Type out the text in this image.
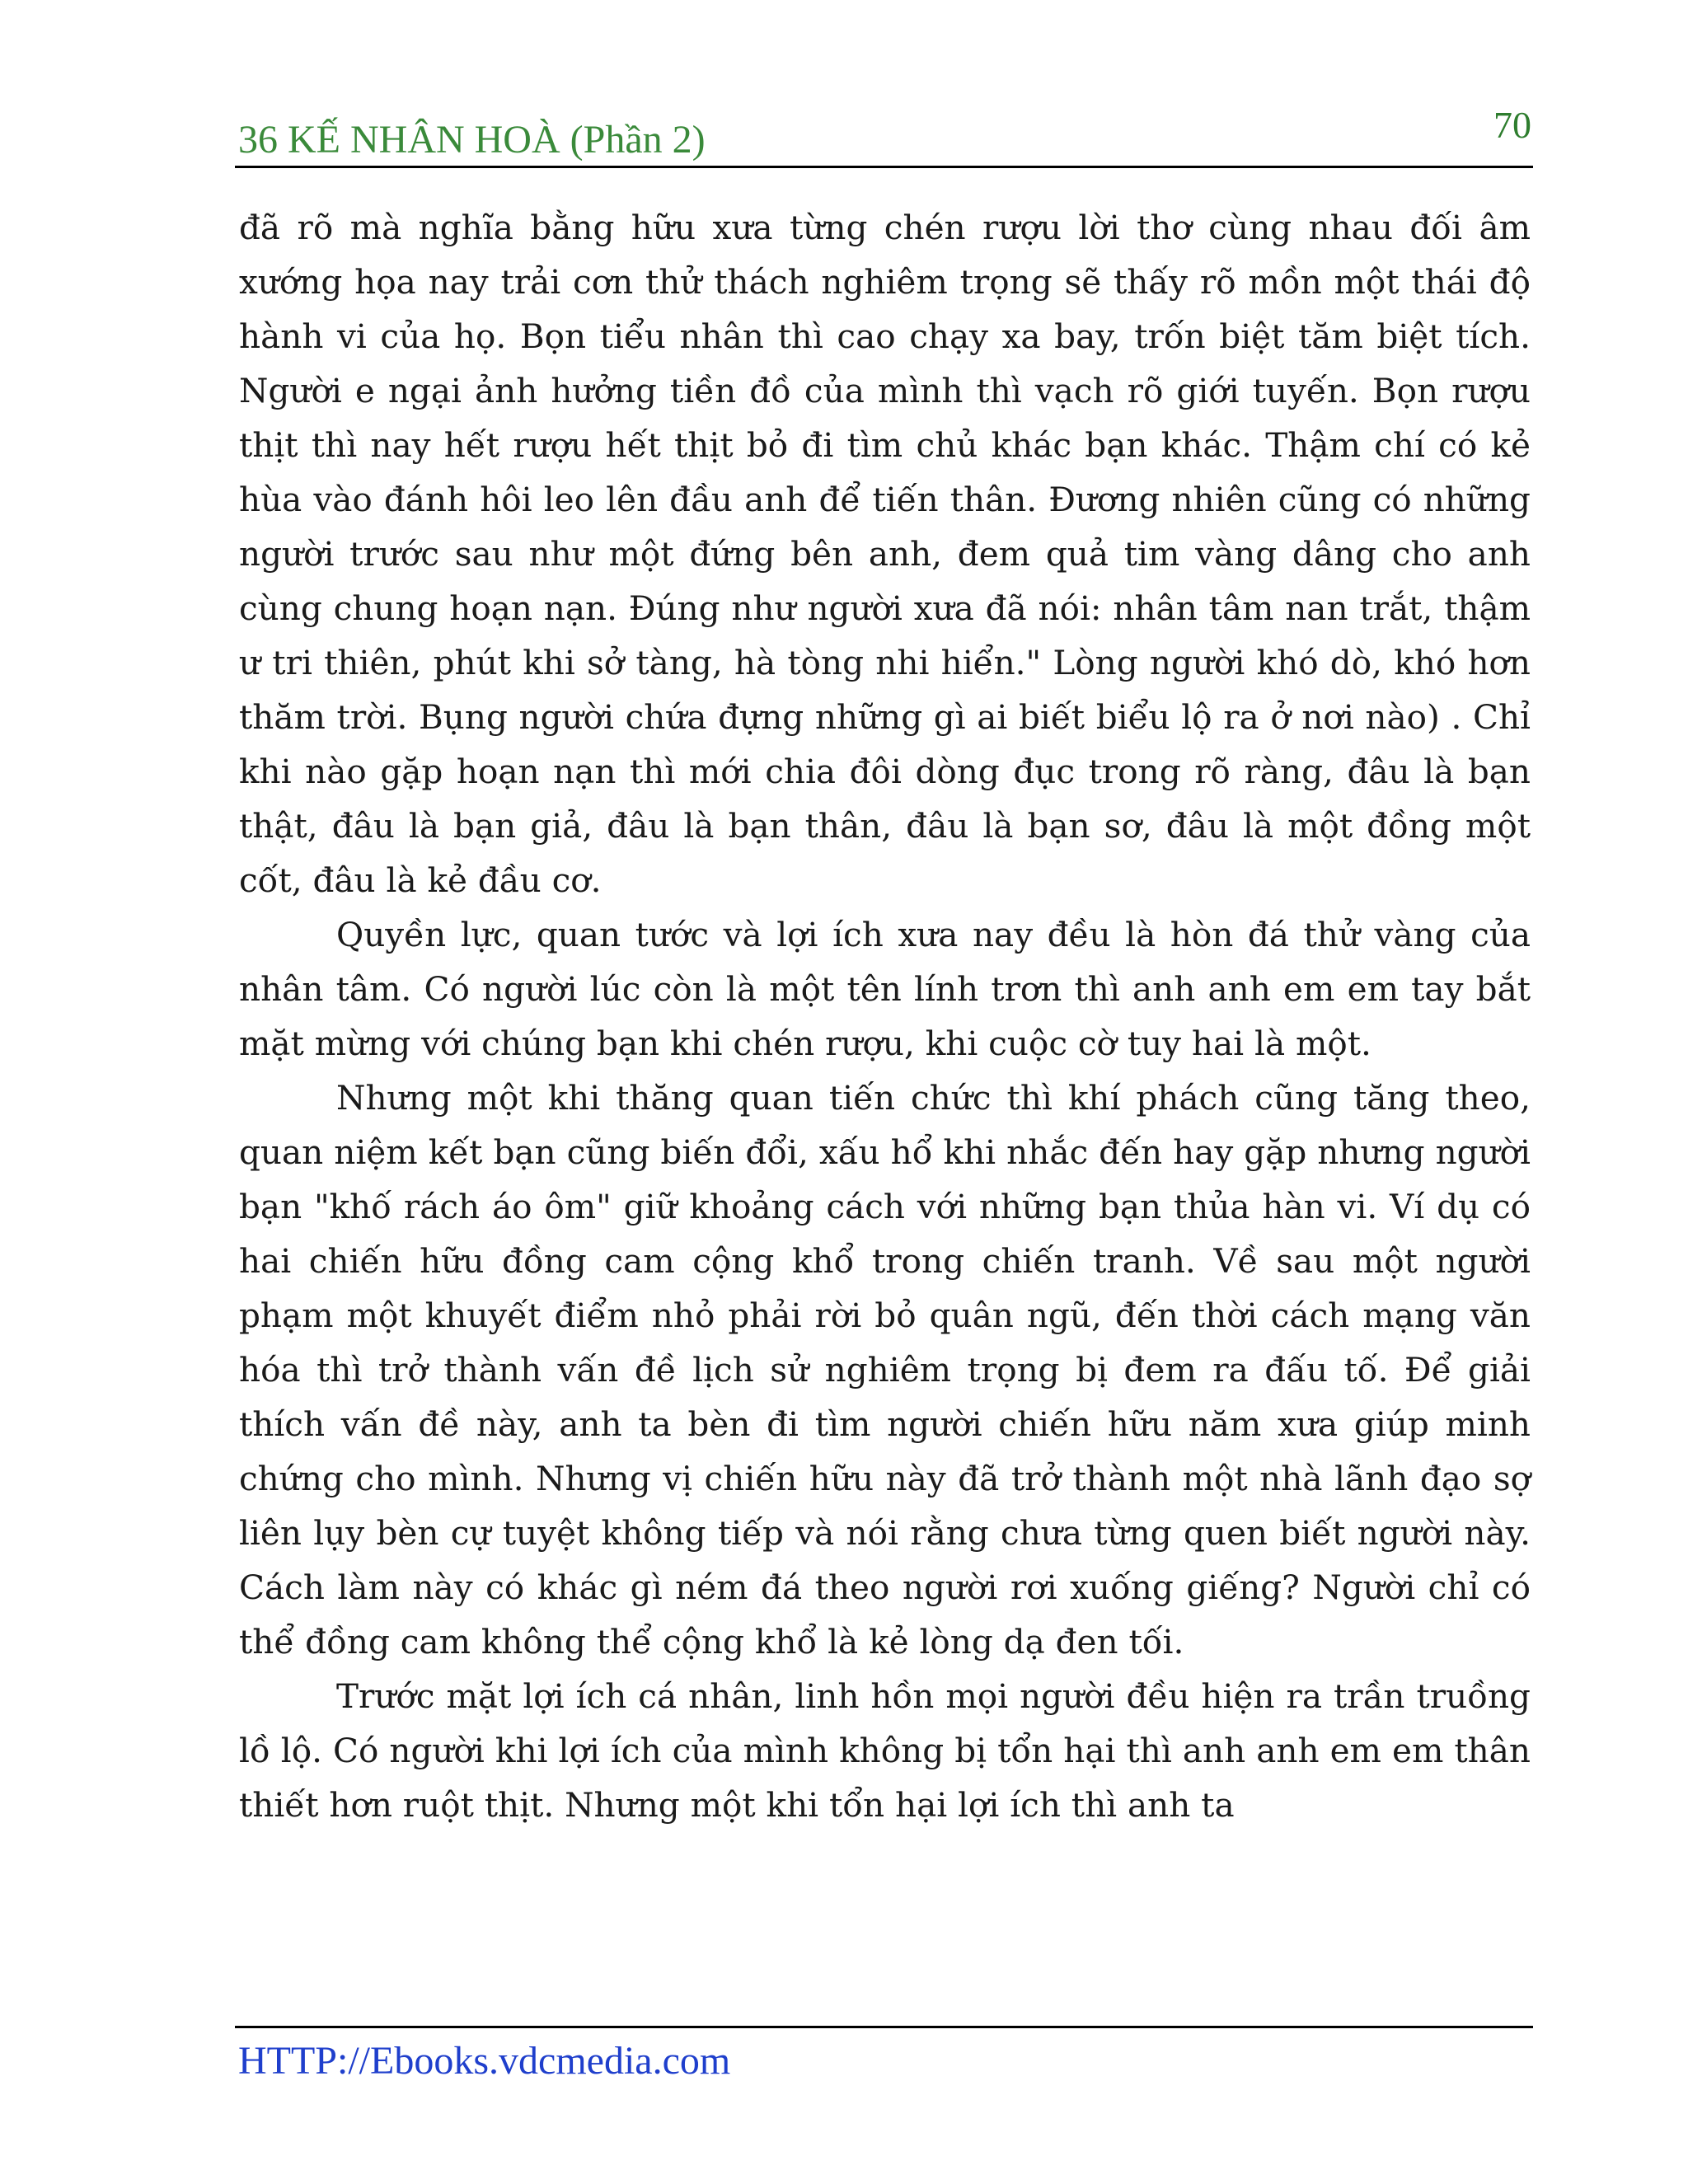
36 KẾ NHÂN HOÀ (Phần 2)	70

đã rõ mà nghĩa bằng hữu xưa từng chén rượu lời thơ cùng nhau đối âm xướng họa nay trải cơn thử thách nghiêm trọng sẽ thấy rõ mồn một thái độ hành vi của họ. Bọn tiểu nhân thì cao chạy xa bay, trốn biệt tăm biệt tích. Người e ngại ảnh hưởng tiền đồ của mình thì vạch rõ giới tuyến. Bọn rượu thịt thì nay hết rượu hết thịt bỏ đi tìm chủ khác bạn khác. Thậm chí có kẻ hùa vào đánh hôi leo lên đầu anh để tiến thân. Đương nhiên cũng có những người trước sau như một đứng bên anh, đem quả tim vàng dâng cho anh cùng chung hoạn nạn. Đúng như người xưa đã nói: nhân tâm nan trắt, thậm ư tri thiên, phút khi sở tàng, hà tòng nhi hiển." Lòng người khó dò, khó hơn thăm trời. Bụng người chứa đựng những gì ai biết biểu lộ ra ở nơi nào) . Chỉ khi nào gặp hoạn nạn thì mới chia đôi dòng đục trong rõ ràng, đâu là bạn thật, đâu là bạn giả, đâu là bạn thân, đâu là bạn sơ, đâu là một đồng một cốt, đâu là kẻ đầu cơ.

Quyền lực, quan tước và lợi ích xưa nay đều là hòn đá thử vàng của nhân tâm. Có người lúc còn là một tên lính trơn thì anh anh em em tay bắt mặt mừng với chúng bạn khi chén rượu, khi cuộc cờ tuy hai là một.

Nhưng một khi thăng quan tiến chức thì khí phách cũng tăng theo, quan niệm kết bạn cũng biến đổi, xấu hổ khi nhắc đến hay gặp nhưng người bạn "khố rách áo ôm" giữ khoảng cách với những bạn thủa hàn vi. Ví dụ có hai chiến hữu đồng cam cộng khổ trong chiến tranh. Về sau một người phạm một khuyết điểm nhỏ phải rời bỏ quân ngũ, đến thời cách mạng văn hóa thì trở thành vấn đề lịch sử nghiêm trọng bị đem ra đấu tố. Để giải thích vấn đề này, anh ta bèn đi tìm người chiến hữu năm xưa giúp minh chứng cho mình. Nhưng vị chiến hữu này đã trở thành một nhà lãnh đạo sợ liên lụy bèn cự tuyệt không tiếp và nói rằng chưa từng quen biết người này. Cách làm này có khác gì ném đá theo người rơi xuống giếng? Người chỉ có thể đồng cam không thể cộng khổ là kẻ lòng dạ đen tối.

Trước mặt lợi ích cá nhân, linh hồn mọi người đều hiện ra trần truồng lồ lộ. Có người khi lợi ích của mình không bị tổn hại thì anh anh em em thân thiết hơn ruột thịt. Nhưng một khi tổn hại lợi ích thì anh ta

HTTP://Ebooks.vdcmedia.com
